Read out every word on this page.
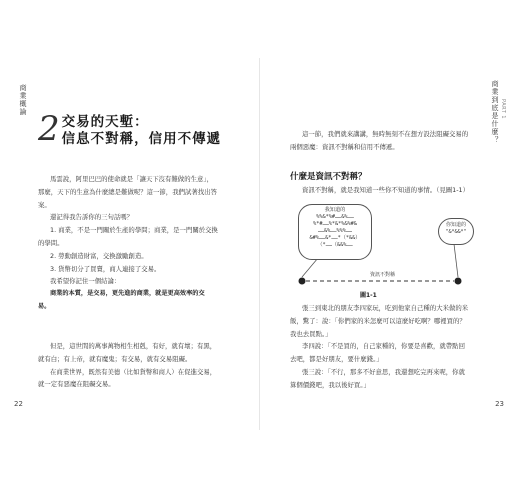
商業概論
2 交易的天塹：
信息不對稱，信用不傳遞

馬雲說，阿里巴巴的使命就是「讓天下沒有難做的生意」，

那麼，天下的生意為什麼總是難做呢？這一節，我們試著找出答

案。

還記得我告訴你的三句話嗎？

1. 商業，不是一門關於生產的學問；商業，是一門關於交換

的學問。

2. 勞動創造財富，交換激勵創造。

3. 貨幣切分了買賣，商人連接了交易。

我希望你記住一個結論：

商業的本質，是交易，更先進的商業，就是更高效率的交

易。

但是，這世間的萬事萬物相生相剋，有好，就有壞；有黑，

就有白；有上帝，就有魔鬼；有交易，就有交易阻礙。

在商業世界，既然有美德（比如貨幣和商人）在促進交易，

就一定有惡魔在阻礙交易。

22
PART 1
商業到底是什麼？

這一節，我們就來講講，無時無刻不在想方設法阻礙交易的

兩個惡魔：資訊不對稱和信用不傳遞。

什麼是資訊不對稱？

資訊不對稱，就是我知道一些你不知道的事情。（見圖1-1）

資訊不對稱
我知道的
%%&*%#……&%……
%*#……%*&*%&%#&
……&%……%%%……
&#%……&*……*（*&&）
（*……（&&%……
你知道的
"&*&&*"
圖1-1

張三到東北的朋友李四家玩，吃到他家自己種的大米做的米

飯，驚了：說：「你們家的米怎麼可以這麼好吃啊？哪裡買的？

我也去買點。」

李四說：「不是買的，自己家種的，你要是喜歡，就帶點回

去吧，都是好朋友，要什麼錢。」

張三說：「不行，那多不好意思，我還想吃完再來呢，你就

算個價錢吧，我以後好買。」

23
